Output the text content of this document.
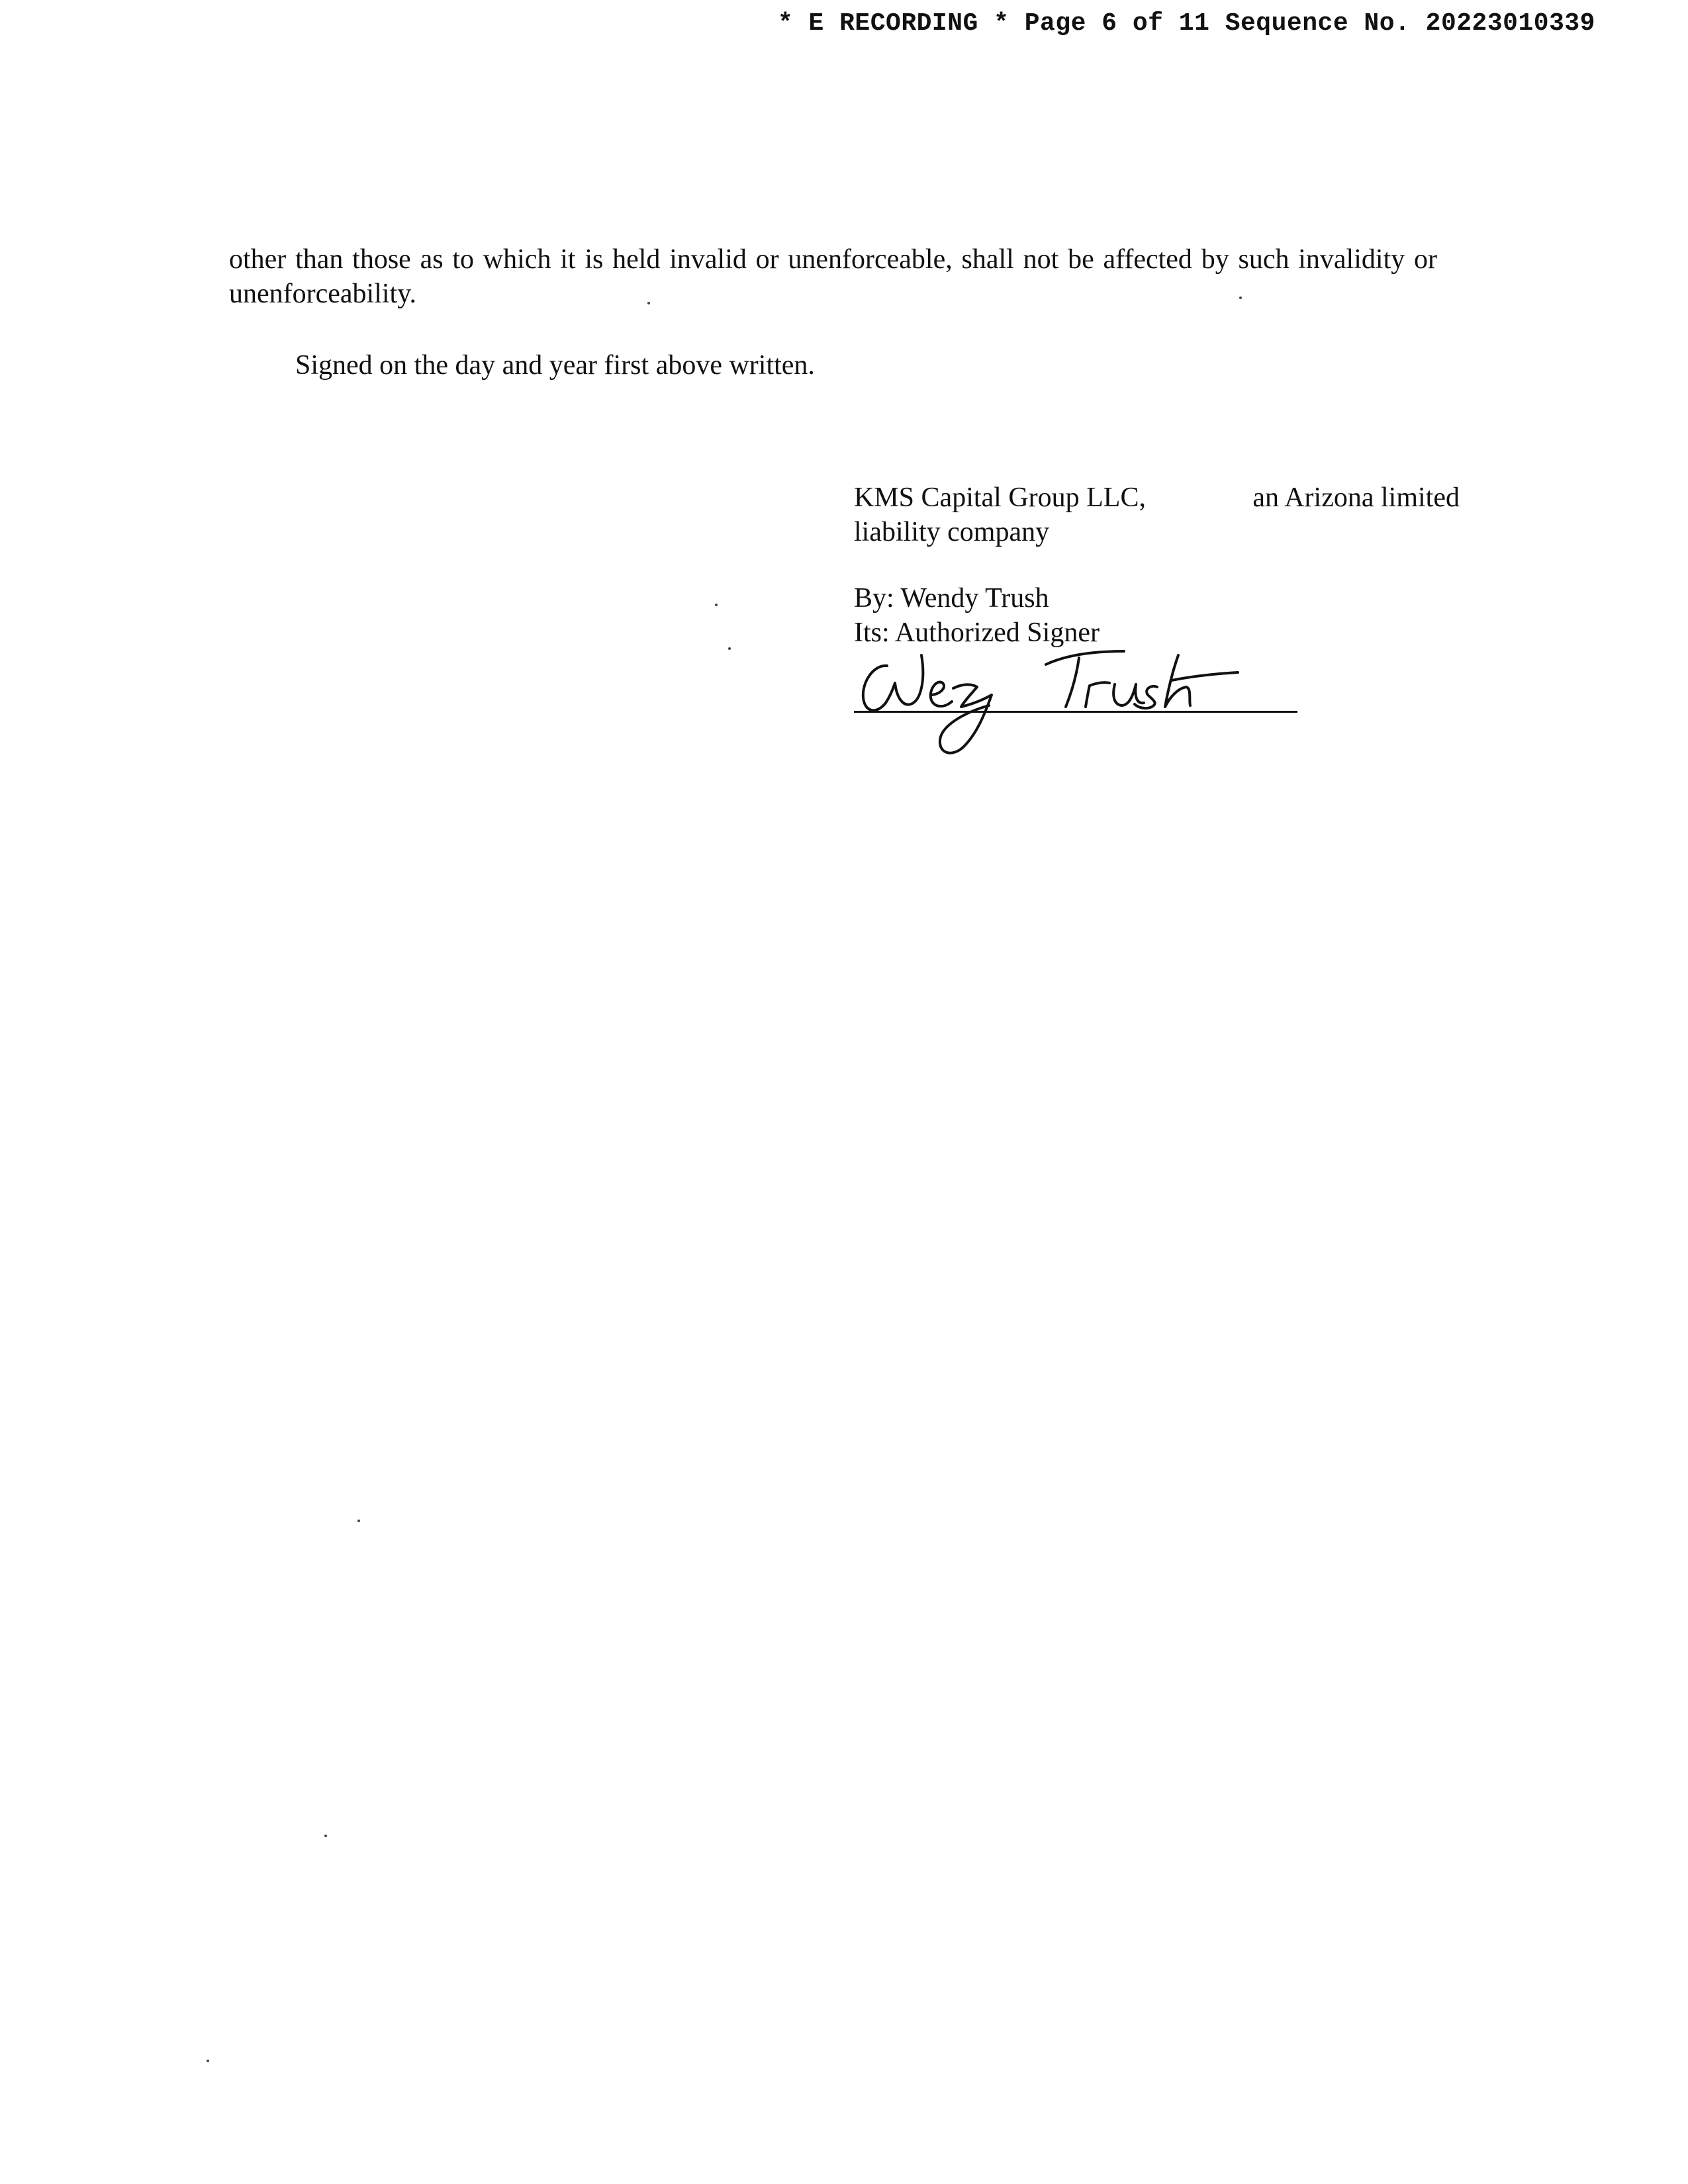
* E RECORDING * Page 6 of 11 Sequence No. 20223010339

other than those as to which it is held invalid or unenforceable, shall not be affected by such invalidity or unenforceability.

Signed on the day and year first above written.

KMS Capital Group LLC,	an Arizona limited
liability company
By: Wendy Trush
Its: Authorized Signer
